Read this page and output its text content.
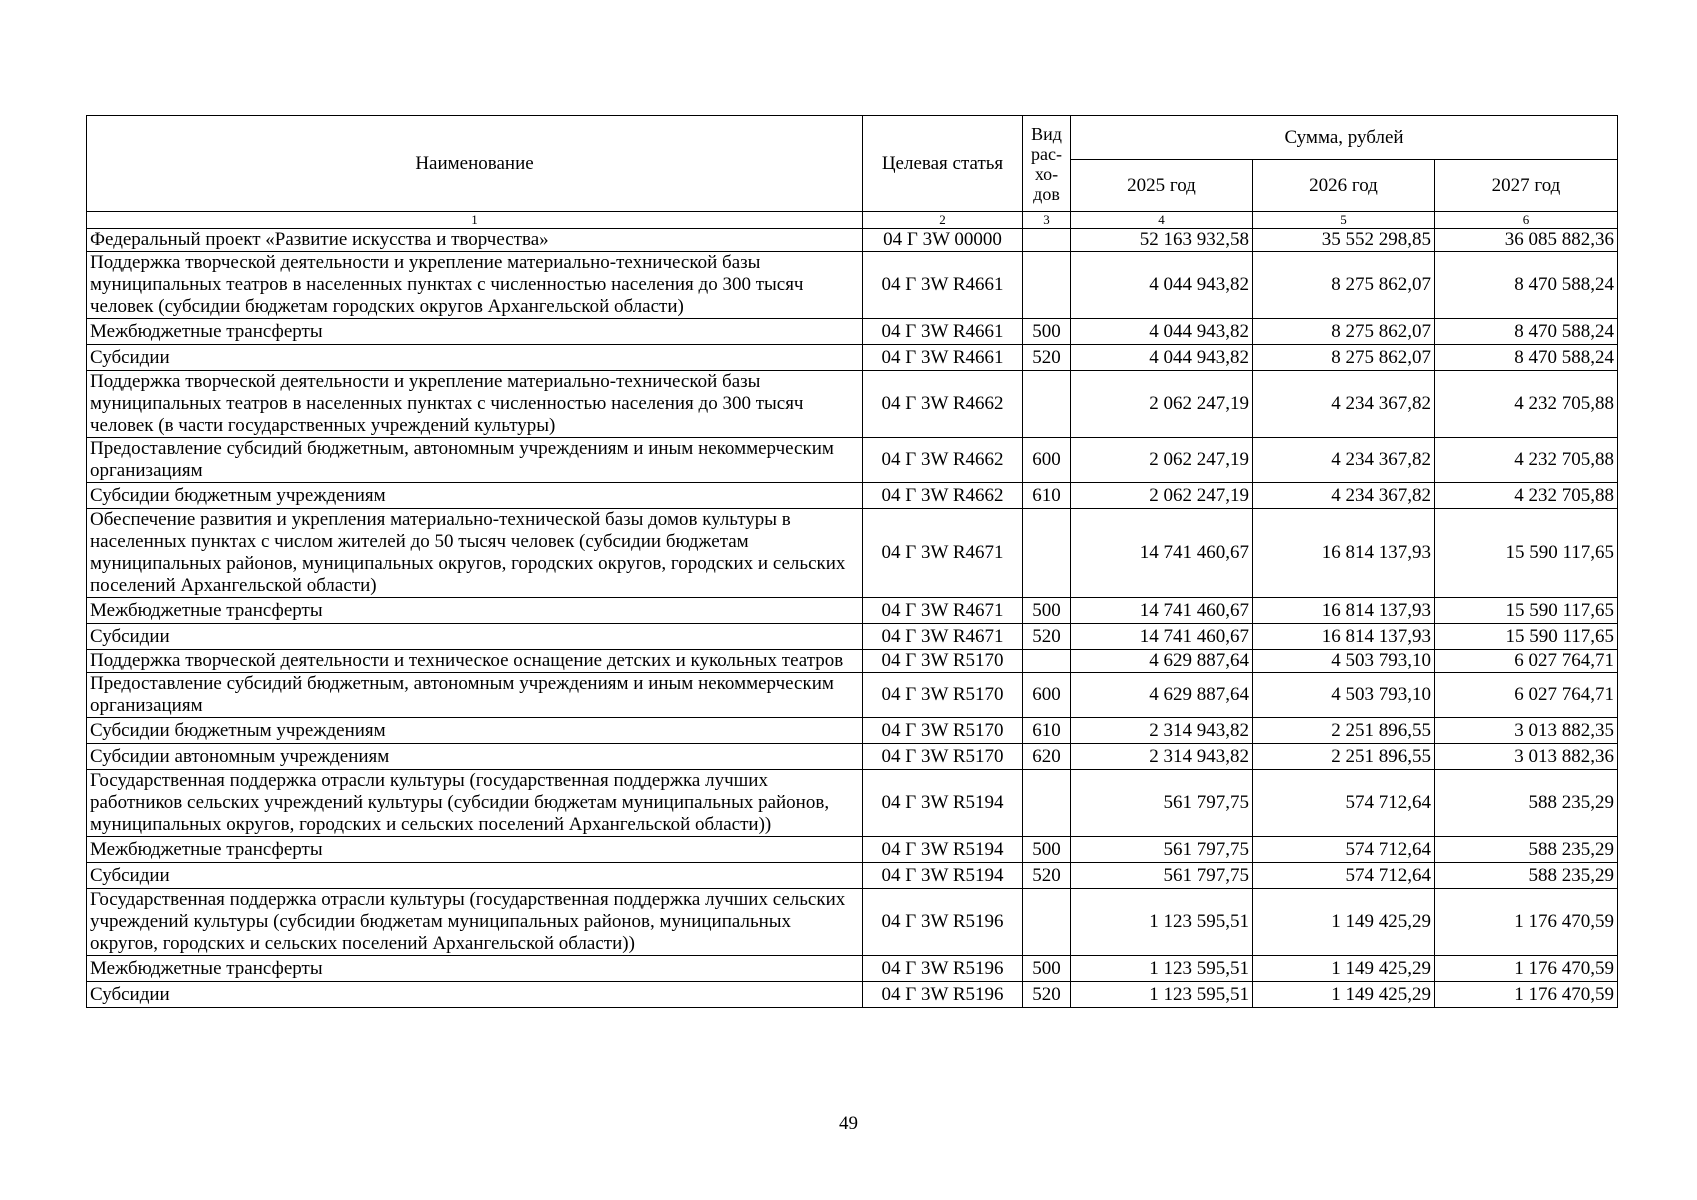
Наименование	Целевая статья	Вид рас-хо-дов	Сумма, рублей		
			2025 год	2026 год	2027 год
1	2	3	4	5	6
Федеральный проект «Развитие искусства и творчества»	04 Г 3W 00000		52 163 932,58	35 552 298,85	36 085 882,36
Поддержка творческой деятельности и укрепление материально-технической базы муниципальных театров в населенных пунктах с численностью населения до 300 тысяч человек (субсидии бюджетам городских округов Архангельской области)	04 Г 3W R4661		4 044 943,82	8 275 862,07	8 470 588,24
Межбюджетные трансферты	04 Г 3W R4661	500	4 044 943,82	8 275 862,07	8 470 588,24
Субсидии	04 Г 3W R4661	520	4 044 943,82	8 275 862,07	8 470 588,24
Поддержка творческой деятельности и укрепление материально-технической базы муниципальных театров в населенных пунктах с численностью населения до 300 тысяч человек (в части государственных учреждений культуры)	04 Г 3W R4662		2 062 247,19	4 234 367,82	4 232 705,88
Предоставление субсидий бюджетным, автономным учреждениям и иным некоммерческим организациям	04 Г 3W R4662	600	2 062 247,19	4 234 367,82	4 232 705,88
Субсидии бюджетным учреждениям	04 Г 3W R4662	610	2 062 247,19	4 234 367,82	4 232 705,88
Обеспечение развития и укрепления материально-технической базы домов культуры в населенных пунктах с числом жителей до 50 тысяч человек (субсидии бюджетам муниципальных районов, муниципальных округов, городских округов, городских и сельских поселений Архангельской области)	04 Г 3W R4671		14 741 460,67	16 814 137,93	15 590 117,65
Межбюджетные трансферты	04 Г 3W R4671	500	14 741 460,67	16 814 137,93	15 590 117,65
Субсидии	04 Г 3W R4671	520	14 741 460,67	16 814 137,93	15 590 117,65
Поддержка творческой деятельности и техническое оснащение детских и кукольных театров	04 Г 3W R5170		4 629 887,64	4 503 793,10	6 027 764,71
Предоставление субсидий бюджетным, автономным учреждениям и иным некоммерческим организациям	04 Г 3W R5170	600	4 629 887,64	4 503 793,10	6 027 764,71
Субсидии бюджетным учреждениям	04 Г 3W R5170	610	2 314 943,82	2 251 896,55	3 013 882,35
Субсидии автономным учреждениям	04 Г 3W R5170	620	2 314 943,82	2 251 896,55	3 013 882,36
Государственная поддержка отрасли культуры (государственная поддержка лучших работников сельских учреждений культуры (субсидии бюджетам муниципальных районов, муниципальных округов, городских и сельских поселений Архангельской области))	04 Г 3W R5194		561 797,75	574 712,64	588 235,29
Межбюджетные трансферты	04 Г 3W R5194	500	561 797,75	574 712,64	588 235,29
Субсидии	04 Г 3W R5194	520	561 797,75	574 712,64	588 235,29
Государственная поддержка отрасли культуры (государственная поддержка лучших сельских учреждений культуры (субсидии бюджетам муниципальных районов, муниципальных округов, городских и сельских поселений Архангельской области))	04 Г 3W R5196		1 123 595,51	1 149 425,29	1 176 470,59
Межбюджетные трансферты	04 Г 3W R5196	500	1 123 595,51	1 149 425,29	1 176 470,59
Субсидии	04 Г 3W R5196	520	1 123 595,51	1 149 425,29	1 176 470,59
49
